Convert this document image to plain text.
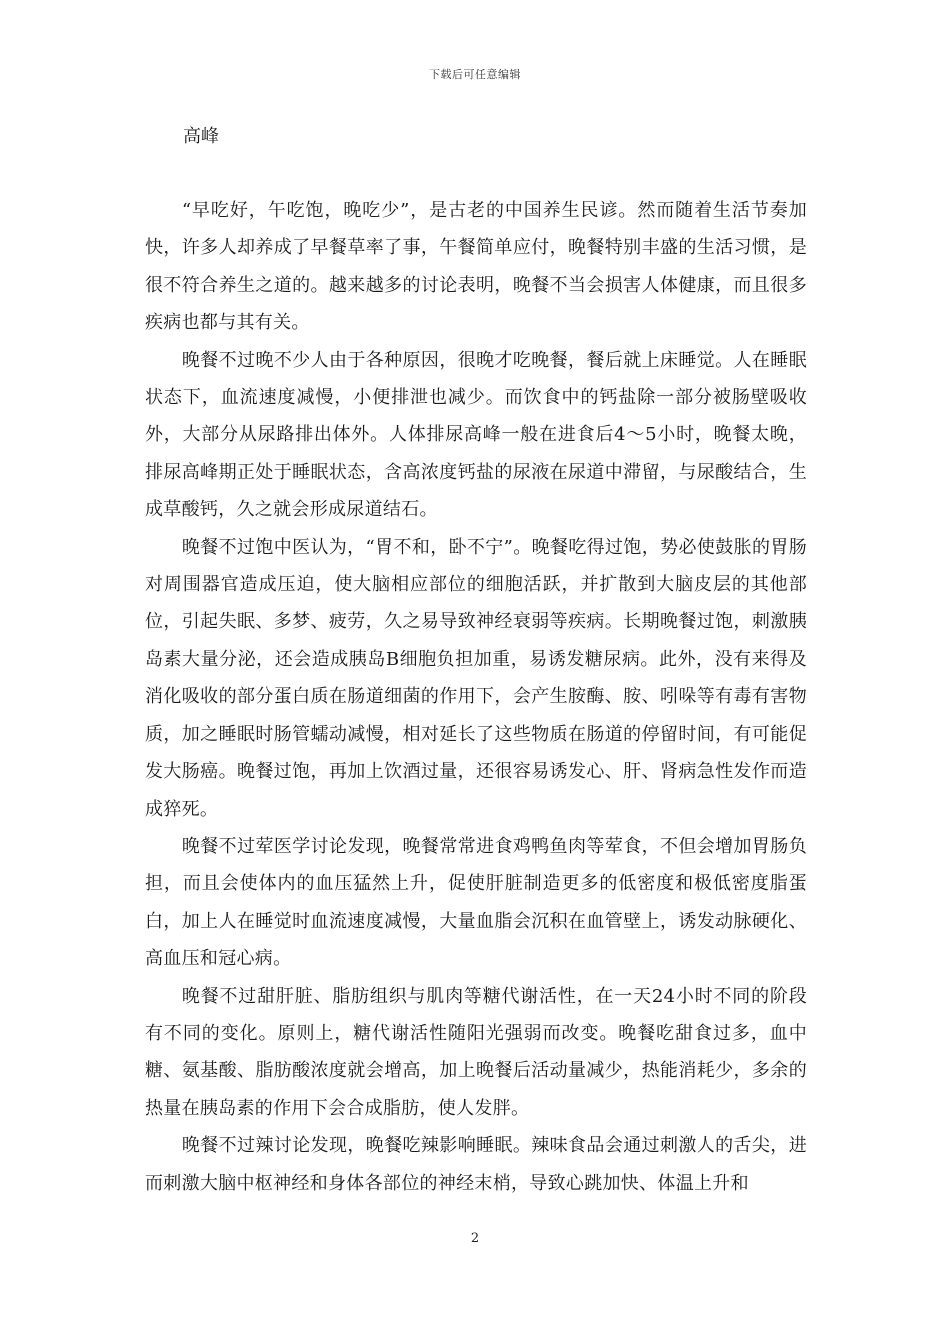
下载后可任意编辑

高峰

“早吃好，午吃饱，晚吃少”，是古老的中国养生民谚。然而随着生活节奏加快，许多人却养成了早餐草率了事，午餐简单应付，晚餐特别丰盛的生活习惯，是很不符合养生之道的。越来越多的讨论表明，晚餐不当会损害人体健康，而且很多疾病也都与其有关。

晚餐不过晚不少人由于各种原因，很晚才吃晚餐，餐后就上床睡觉。人在睡眠状态下，血流速度减慢，小便排泄也减少。而饮食中的钙盐除一部分被肠壁吸收外，大部分从尿路排出体外。人体排尿高峰一般在进食后4～5小时，晚餐太晚，排尿高峰期正处于睡眠状态，含高浓度钙盐的尿液在尿道中滞留，与尿酸结合，生成草酸钙，久之就会形成尿道结石。

晚餐不过饱中医认为，“胃不和，卧不宁”。晚餐吃得过饱，势必使鼓胀的胃肠对周围器官造成压迫，使大脑相应部位的细胞活跃，并扩散到大脑皮层的其他部位，引起失眠、多梦、疲劳，久之易导致神经衰弱等疾病。长期晚餐过饱，刺激胰岛素大量分泌，还会造成胰岛B细胞负担加重，易诱发糖尿病。此外，没有来得及消化吸收的部分蛋白质在肠道细菌的作用下，会产生胺酶、胺、吲哚等有毒有害物质，加之睡眠时肠管蠕动减慢，相对延长了这些物质在肠道的停留时间，有可能促发大肠癌。晚餐过饱，再加上饮酒过量，还很容易诱发心、肝、肾病急性发作而造成猝死。

晚餐不过荤医学讨论发现，晚餐常常进食鸡鸭鱼肉等荤食，不但会增加胃肠负担，而且会使体内的血压猛然上升，促使肝脏制造更多的低密度和极低密度脂蛋白，加上人在睡觉时血流速度减慢，大量血脂会沉积在血管壁上，诱发动脉硬化、高血压和冠心病。

晚餐不过甜肝脏、脂肪组织与肌肉等糖代谢活性，在一天24小时不同的阶段有不同的变化。原则上，糖代谢活性随阳光强弱而改变。晚餐吃甜食过多，血中糖、氨基酸、脂肪酸浓度就会增高，加上晚餐后活动量减少，热能消耗少，多余的热量在胰岛素的作用下会合成脂肪，使人发胖。

晚餐不过辣讨论发现，晚餐吃辣影响睡眠。辣味食品会通过刺激人的舌尖，进而刺激大脑中枢神经和身体各部位的神经末梢，导致心跳加快、体温上升和

2
